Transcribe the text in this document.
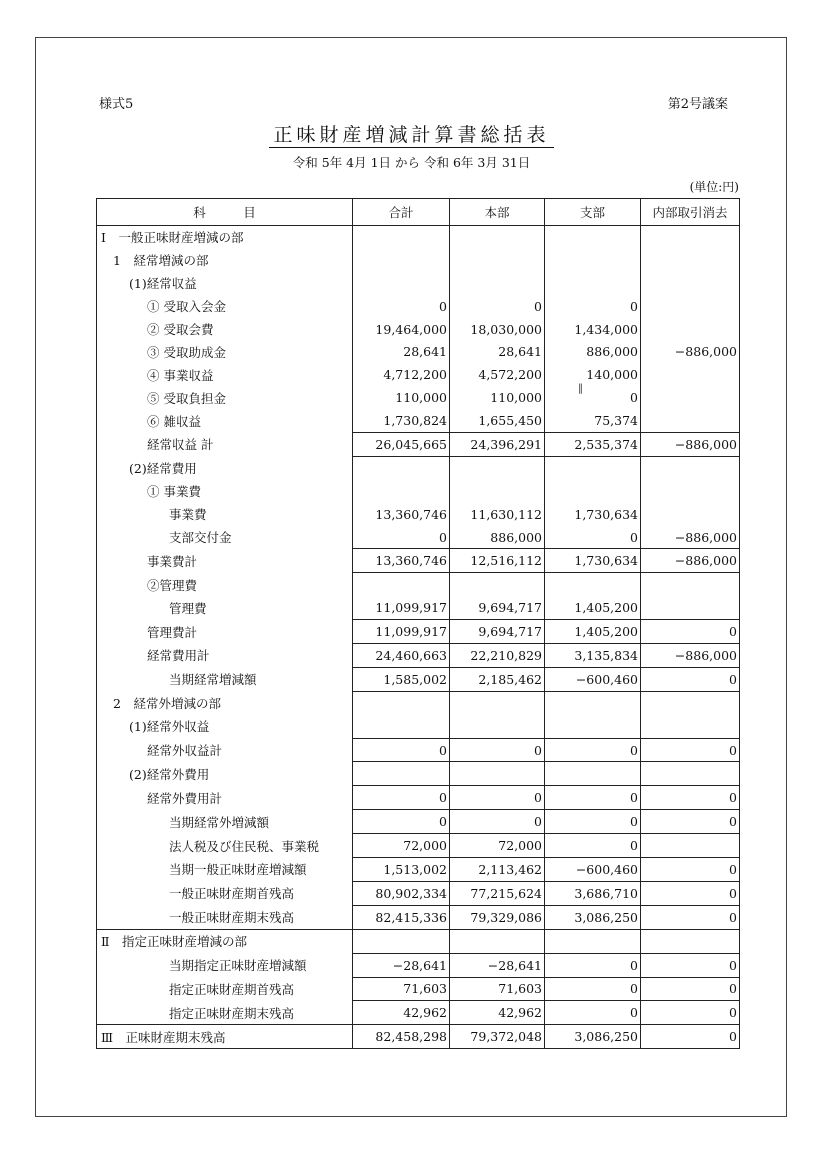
様式5	第2号議案
正味財産増減計算書総括表
令和 5年 4月 1日 から 令和 6年 3月 31日
(単位:円)
科　　　目	合計	本部	支部	内部取引消去
Ⅰ　一般正味財産増減の部				
1　経常増減の部				
(1)経常収益				
① 受取入会金	0	0	0	
② 受取会費	19,464,000	18,030,000	1,434,000	
③ 受取助成金	28,641	28,641	886,000	−886,000
④ 事業収益	4,712,200	4,572,200	140,000	
⑤ 受取負担金	110,000	110,000	0	
⑥ 雑収益	1,730,824	1,655,450	75,374	
経常収益 計	26,045,665	24,396,291	2,535,374	−886,000
(2)経常費用				
① 事業費				
事業費	13,360,746	11,630,112	1,730,634	
支部交付金	0	886,000	0	−886,000
事業費計	13,360,746	12,516,112	1,730,634	−886,000
②管理費				
管理費	11,099,917	9,694,717	1,405,200	
管理費計	11,099,917	9,694,717	1,405,200	0
経常費用計	24,460,663	22,210,829	3,135,834	−886,000
当期経常増減額	1,585,002	2,185,462	−600,460	0
2　経常外増減の部				
(1)経常外収益				
経常外収益計	0	0	0	0
(2)経常外費用				
経常外費用計	0	0	0	0
当期経常外増減額	0	0	0	0
法人税及び住民税、事業税	72,000	72,000	0	
当期一般正味財産増減額	1,513,002	2,113,462	−600,460	0
一般正味財産期首残高	80,902,334	77,215,624	3,686,710	0
一般正味財産期末残高	82,415,336	79,329,086	3,086,250	0
Ⅱ　指定正味財産増減の部				
当期指定正味財産増減額	−28,641	−28,641	0	0
指定正味財産期首残高	71,603	71,603	0	0
指定正味財産期末残高	42,962	42,962	0	0
Ⅲ　正味財産期末残高	82,458,298	79,372,048	3,086,250	0
‖
